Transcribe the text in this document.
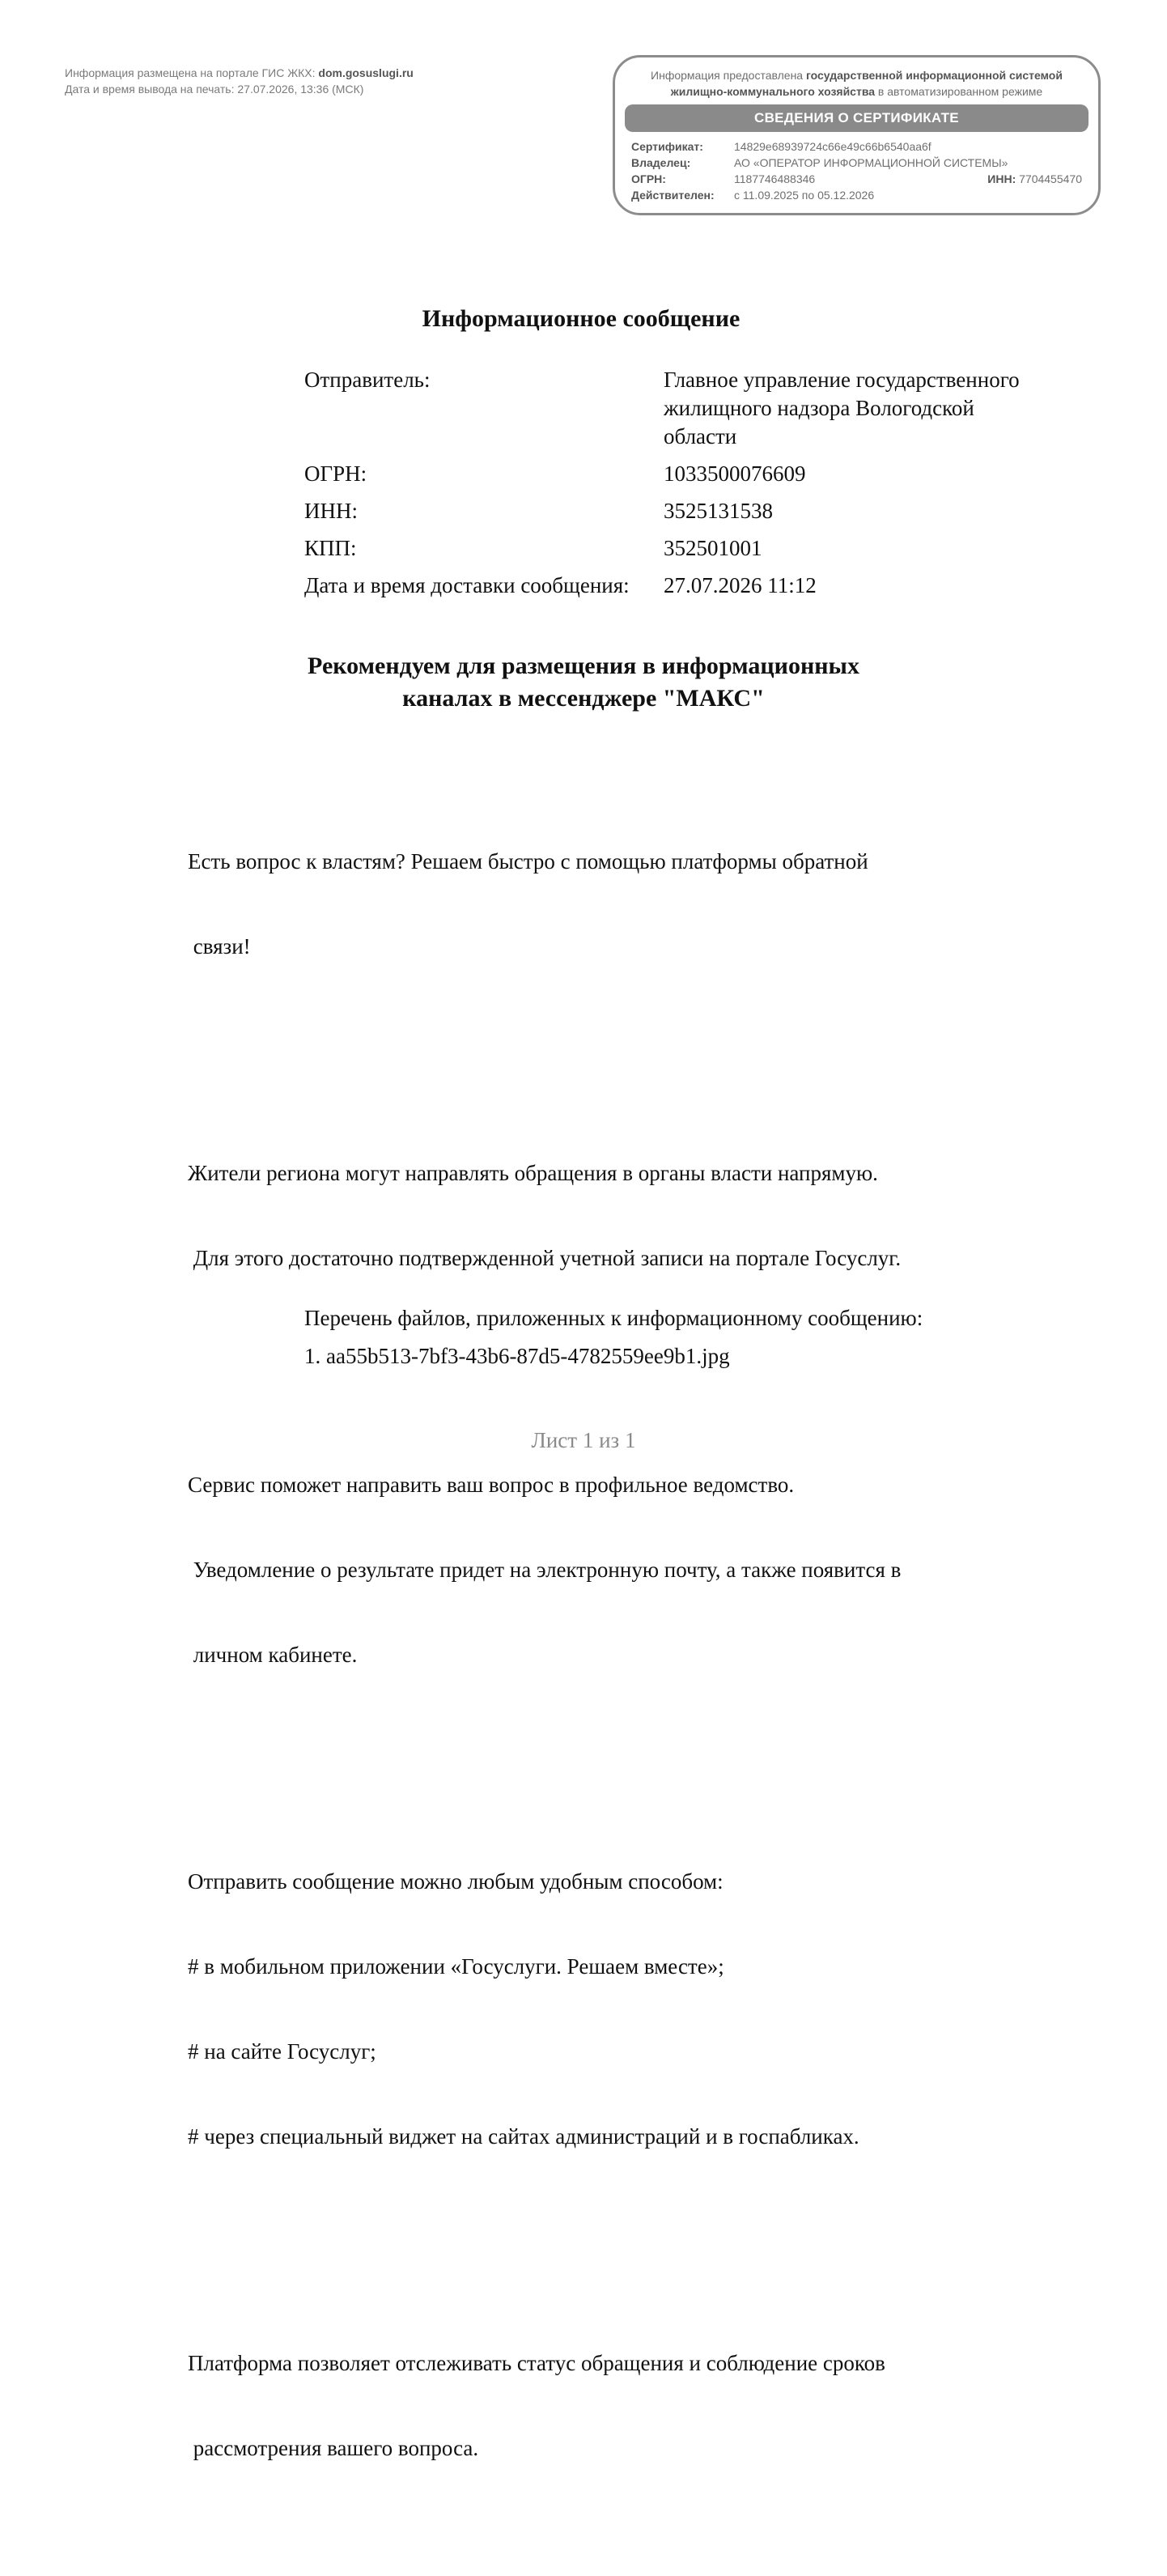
Информация размещена на портале ГИС ЖКХ: dom.gosuslugi.ru
Дата и время вывода на печать: 27.07.2026, 13:36 (МСК)
Информация предоставлена государственной информационной системой
жилищно-коммунального хозяйства в автоматизированном режиме
СВЕДЕНИЯ О СЕРТИФИКАТЕ
Сертификат:	14829e68939724c66e49c66b6540aa6f
Владелец:	АО «ОПЕРАТОР ИНФОРМАЦИОННОЙ СИСТЕМЫ»
ОГРН:	1187746488346	ИНН: 7704455470
Действителен:	с 11.09.2025 по 05.12.2026
Информационное сообщение
Отправитель:	Главное управление государственного
жилищного надзора Вологодской
области
ОГРН:	1033500076609
ИНН:	3525131538
КПП:	352501001
Дата и время доставки сообщения:	27.07.2026 11:12
Рекомендуем для размещения в информационных
каналах в мессенджере "МАКС"

Есть вопрос к властям? Решаем быстро с помощью платформы обратной

связи!

Жители региона могут направлять обращения в органы власти напрямую.

Для этого достаточно подтвержденной учетной записи на портале Госуслуг.

Сервис поможет направить ваш вопрос в профильное ведомство.

Уведомление о результате придет на электронную почту, а также появится в

личном кабинете.

Отправить сообщение можно любым удобным способом:

# в мобильном приложении «Госуслуги. Решаем вместе»;

# на сайте Госуслуг;

# через специальный виджет на сайтах администраций и в госпабликах.

Платформа позволяет отслеживать статус обращения и соблюдение сроков

рассмотрения вашего вопроса.

Перечень файлов, приложенных к информационному сообщению:
1. aa55b513-7bf3-43b6-87d5-4782559ee9b1.jpg
Лист 1 из 1
